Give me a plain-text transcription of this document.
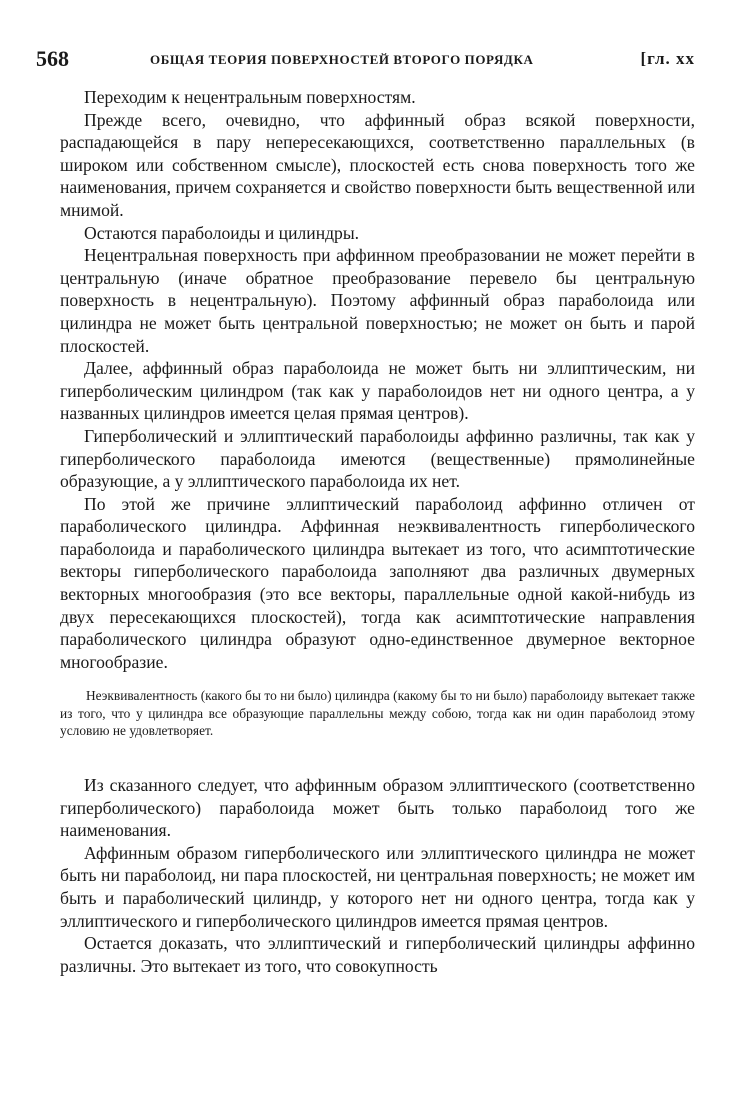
568	ОБЩАЯ ТЕОРИЯ ПОВЕРХНОСТЕЙ ВТОРОГО ПОРЯДКА	[гл. xx

Переходим к нецентральным поверхностям.

Прежде всего, очевидно, что аффинный образ всякой поверхности, распадающейся в пару непересекающихся, соответственно параллельных (в широком или собственном смысле), плоскостей есть снова поверхность того же наименования, причем сохраняется и свойство поверхности быть вещественной или мнимой.

Остаются параболоиды и цилиндры.

Нецентральная поверхность при аффинном преобразовании не может перейти в центральную (иначе обратное преобразование перевело бы центральную поверхность в нецентральную). Поэтому аффинный образ параболоида или цилиндра не может быть центральной поверхностью; не может он быть и парой плоскостей.

Далее, аффинный образ параболоида не может быть ни эллиптическим, ни гиперболическим цилиндром (так как у параболоидов нет ни одного центра, а у названных цилиндров имеется целая прямая центров).

Гиперболический и эллиптический параболоиды аффинно различны, так как у гиперболического параболоида имеются (вещественные) прямолинейные образующие, а у эллиптического параболоида их нет.

По этой же причине эллиптический параболоид аффинно отличен от параболического цилиндра. Аффинная неэквивалентность гиперболического параболоида и параболического цилиндра вытекает из того, что асимптотические векторы гиперболического параболоида заполняют два различных двумерных векторных многообразия (это все векторы, параллельные одной какой-нибудь из двух пересекающихся плоскостей), тогда как асимптотические направления параболического цилиндра образуют одно-единственное двумерное векторное многообразие.

Неэквивалентность (какого бы то ни было) цилиндра (какому бы то ни было) параболоиду вытекает также из того, что у цилиндра все образующие параллельны между собою, тогда как ни один параболоид этому условию не удовлетворяет.

Из сказанного следует, что аффинным образом эллиптического (соответственно гиперболического) параболоида может быть только параболоид того же наименования.

Аффинным образом гиперболического или эллиптического цилиндра не может быть ни параболоид, ни пара плоскостей, ни центральная поверхность; не может им быть и параболический цилиндр, у которого нет ни одного центра, тогда как у эллиптического и гиперболического цилиндров имеется прямая центров.

Остается доказать, что эллиптический и гиперболический цилиндры аффинно различны. Это вытекает из того, что совокупность
